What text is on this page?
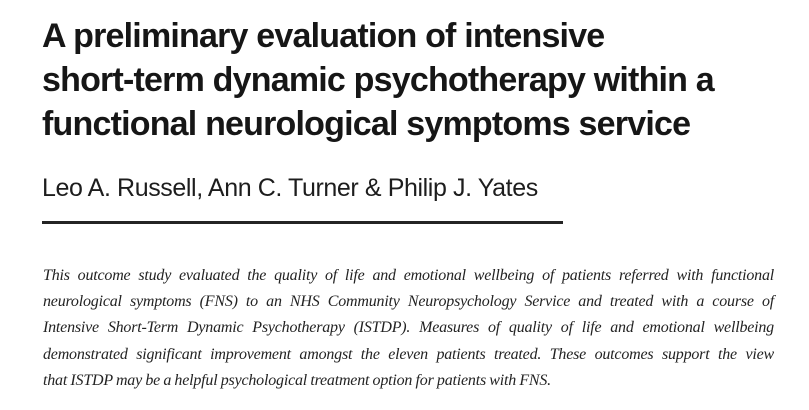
A preliminary evaluation of intensive
short-term dynamic psychotherapy within a
functional neurological symptoms service
Leo A. Russell, Ann C. Turner & Philip J. Yates
This outcome study evaluated the quality of life and emotional wellbeing of patients referred with functional
neurological symptoms (FNS) to an NHS Community Neuropsychology Service and treated with a course of
Intensive Short-Term Dynamic Psychotherapy (ISTDP). Measures of quality of life and emotional wellbeing
demonstrated significant improvement amongst the eleven patients treated. These outcomes support the view
that ISTDP may be a helpful psychological treatment option for patients with FNS.
